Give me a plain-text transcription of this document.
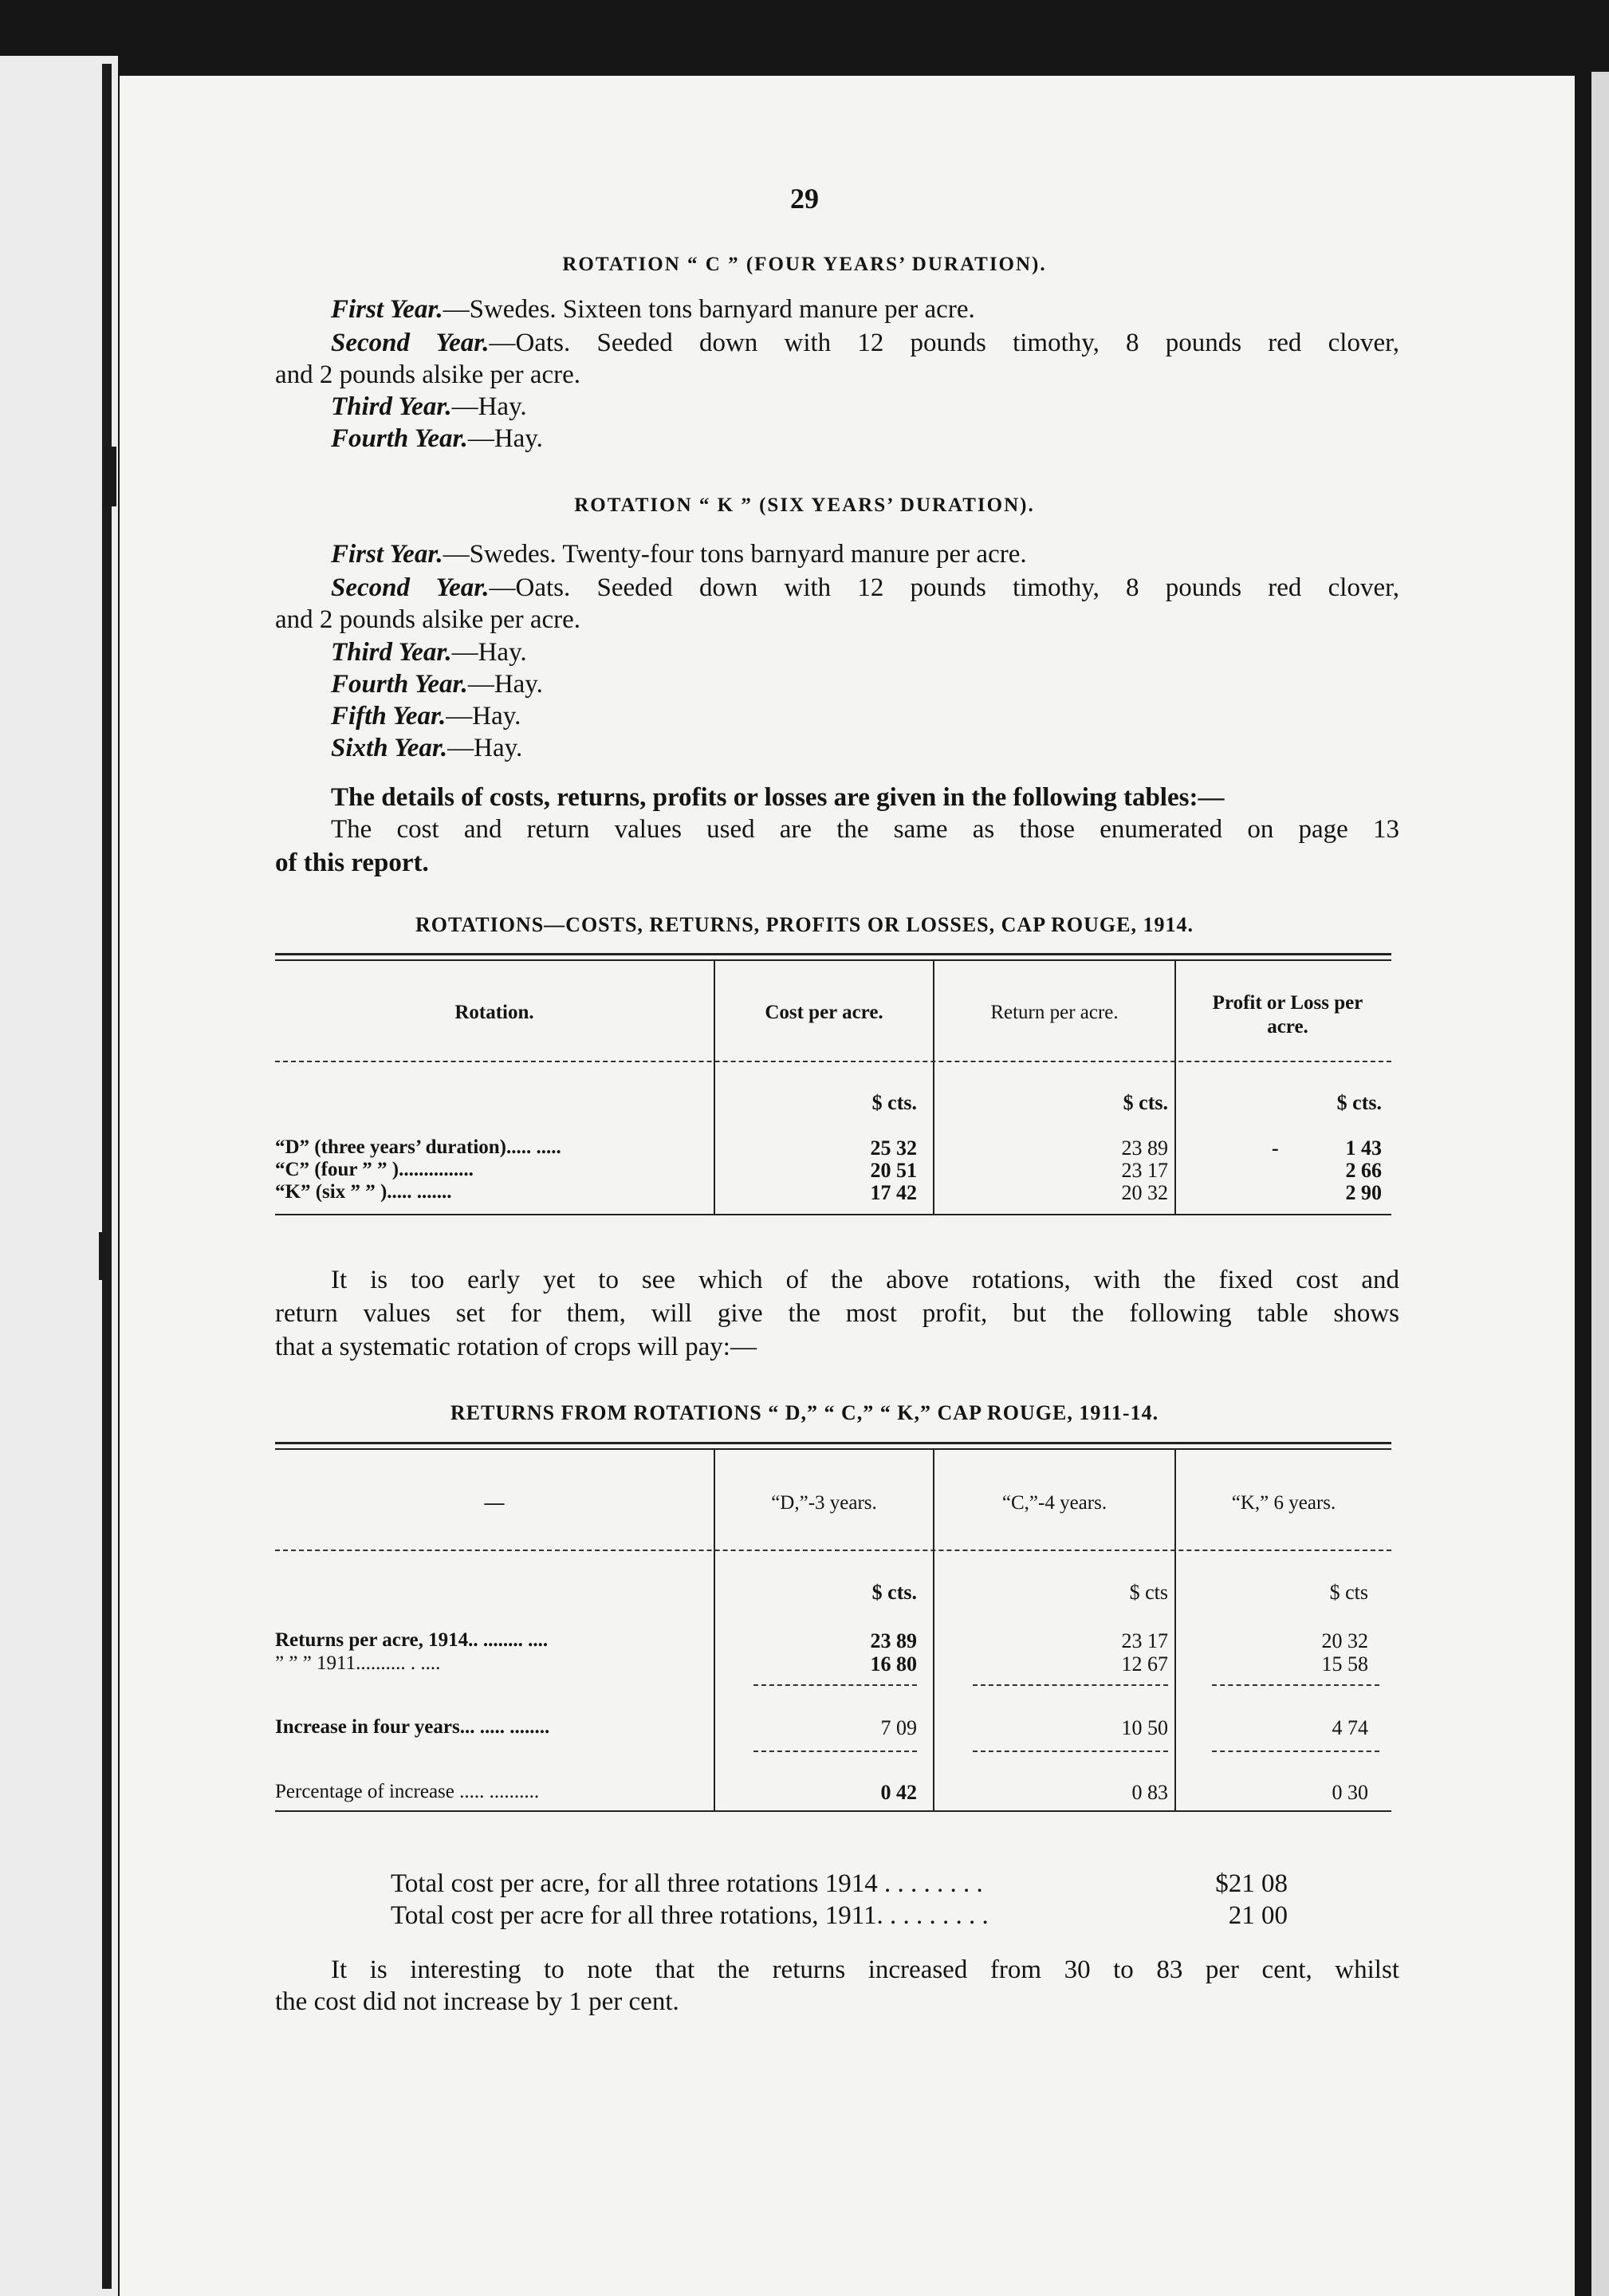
29
ROTATION “ C ” (FOUR YEARS’ DURATION).
First Year.—Swedes. Sixteen tons barnyard manure per acre.
Second Year.—Oats. Seeded down with 12 pounds timothy, 8 pounds red clover,
and 2 pounds alsike per acre.
Third Year.—Hay.
Fourth Year.—Hay.
ROTATION “ K ” (SIX YEARS’ DURATION).
First Year.—Swedes. Twenty-four tons barnyard manure per acre.
Second Year.—Oats. Seeded down with 12 pounds timothy, 8 pounds red clover,
and 2 pounds alsike per acre.
Third Year.—Hay.
Fourth Year.—Hay.
Fifth Year.—Hay.
Sixth Year.—Hay.
The details of costs, returns, profits or losses are given in the following tables:—
The cost and return values used are the same as those enumerated on page 13
of this report.
ROTATIONS—COSTS, RETURNS, PROFITS OR LOSSES, CAP ROUGE, 1914.
Rotation.	Cost per acre.	Return per acre.	Profit or Loss per acre.
$ cts.	$ cts.	$ cts.
“D” (three years’ duration)..... .....	25 32	23 89	-	1 43
“C” (four ” ” )...............	20 51	23 17	2 66
“K” (six ” ” )..... .......	17 42	20 32	2 90
It is too early yet to see which of the above rotations, with the fixed cost and
return values set for them, will give the most profit, but the following table shows
that a systematic rotation of crops will pay:—
RETURNS FROM ROTATIONS “ D,” “ C,” “ K,” CAP ROUGE, 1911-14.
—	“D,”-3 years.	“C,”-4 years.	“K,” 6 years.
$ cts.	$ cts	$ cts
Returns per acre, 1914.. ........ ....	23 89	23 17	20 32
” ” ” 1911.......... . ....	16 80	12 67	15 58
Increase in four years... ..... ........	7 09	10 50	4 74
Percentage of increase ..... ..........	0 42	0 83	0 30
Total cost per acre, for all three rotations 1914 . . . . . . . .	$21 08
Total cost per acre for all three rotations, 1911. . . . . . . . .	21 00
It is interesting to note that the returns increased from 30 to 83 per cent, whilst
the cost did not increase by 1 per cent.
